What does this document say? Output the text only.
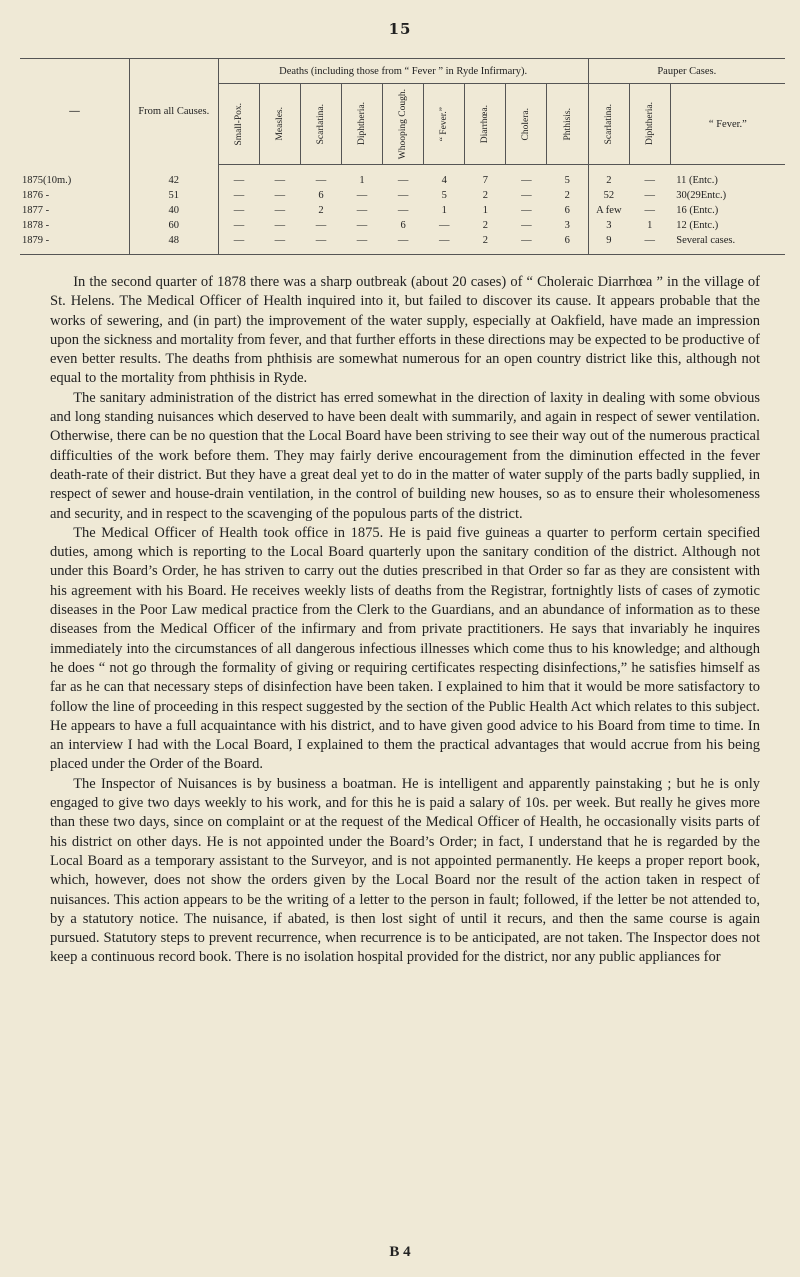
15
—	From all Causes.	Deaths (including those from “ Fever ” in Ryde Infirmary).									Pauper Cases.		

		Small-Pox.	Measles.	Scarlatina.	Diphtheria.	Whooping Cough.	“ Fever.”	Diarrhœa.	Cholera.	Phthisis.	Scarlatina.	Diphtheria.	“ Fever.”
1875(10m.)	42	—	—	—	1	—	4	7	—	5	2	—	11 (Entc.)
1876 -	51	—	—	6	—	—	5	2	—	2	52	—	30(29Entc.)
1877 -	40	—	—	2	—	—	1	1	—	6	A few	—	16 (Entc.)
1878 -	60	—	—	—	—	6	—	2	—	3	3	1	12 (Entc.)
1879 -	48	—	—	—	—	—	—	2	—	6	9	—	Several cases.

In the second quarter of 1878 there was a sharp outbreak (about 20 cases) of “ Choleraic Diarrhœa ” in the village of St. Helens. The Medical Officer of Health inquired into it, but failed to discover its cause. It appears probable that the works of sewering, and (in part) the improvement of the water supply, especially at Oakfield, have made an impression upon the sickness and mortality from fever, and that further efforts in these directions may be expected to be productive of even better results. The deaths from phthisis are somewhat numerous for an open country district like this, although not equal to the mortality from phthisis in Ryde.

The sanitary administration of the district has erred somewhat in the direction of laxity in dealing with some obvious and long standing nuisances which deserved to have been dealt with summarily, and again in respect of sewer ventilation. Otherwise, there can be no question that the Local Board have been striving to see their way out of the numerous practical difficulties of the work before them. They may fairly derive encouragement from the diminution effected in the fever death-rate of their district. But they have a great deal yet to do in the matter of water supply of the parts badly supplied, in respect of sewer and house-drain ventilation, in the control of building new houses, so as to ensure their wholesomeness and security, and in respect to the scavenging of the populous parts of the district.

The Medical Officer of Health took office in 1875. He is paid five guineas a quarter to perform certain specified duties, among which is reporting to the Local Board quarterly upon the sanitary condition of the district. Although not under this Board’s Order, he has striven to carry out the duties prescribed in that Order so far as they are consistent with his agreement with his Board. He receives weekly lists of deaths from the Registrar, fortnightly lists of cases of zymotic diseases in the Poor Law medical practice from the Clerk to the Guardians, and an abundance of information as to these diseases from the Medical Officer of the infirmary and from private practitioners. He says that invariably he inquires immediately into the circumstances of all dangerous infectious illnesses which come thus to his knowledge; and although he does “ not go through the formality of giving or requiring certificates respecting disinfections,” he satisfies himself as far as he can that necessary steps of disinfection have been taken. I explained to him that it would be more satisfactory to follow the line of proceeding in this respect suggested by the section of the Public Health Act which relates to this subject. He appears to have a full acquaintance with his district, and to have given good advice to his Board from time to time. In an interview I had with the Local Board, I explained to them the practical advantages that would accrue from his being placed under the Order of the Board.

The Inspector of Nuisances is by business a boatman. He is intelligent and apparently painstaking ; but he is only engaged to give two days weekly to his work, and for this he is paid a salary of 10s. per week. But really he gives more than these two days, since on complaint or at the request of the Medical Officer of Health, he occasionally visits parts of his district on other days. He is not appointed under the Board’s Order; in fact, I understand that he is regarded by the Local Board as a temporary assistant to the Surveyor, and is not appointed permanently. He keeps a proper report book, which, however, does not show the orders given by the Local Board nor the result of the action taken in respect of nuisances. This action appears to be the writing of a letter to the person in fault; followed, if the letter be not attended to, by a statutory notice. The nuisance, if abated, is then lost sight of until it recurs, and then the same course is again pursued. Statutory steps to prevent recurrence, when recurrence is to be anticipated, are not taken. The Inspector does not keep a continuous record book. There is no isolation hospital provided for the district, nor any public appliances for

B 4
